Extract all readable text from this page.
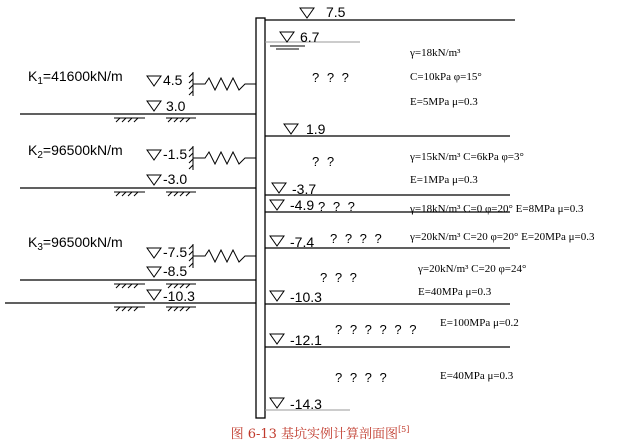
7.5
6.7
1.9
-3.7
-4.9
-7.4
-10.3
-12.1
-14.3
? ? ?
? ?
? ? ?
? ? ? ?
? ? ?
? ? ? ? ? ?
? ? ? ?
γ=18kN/m³
C=10kPa φ=15°
E=5MPa μ=0.3
γ=15kN/m³ C=6kPa φ=3°
E=1MPa μ=0.3
γ=18kN/m³ C=0 φ=20° E=8MPa μ=0.3
γ=20kN/m³ C=20 φ=20° E=20MPa μ=0.3
γ=20kN/m³ C=20 φ=24°
E=40MPa μ=0.3
E=100MPa μ=0.2
E=40MPa μ=0.3
$K_1=41600kN/m$
$K_2=96500kN/m$
$K_3=96500kN/m$
4.5
-1.5
-7.5
3.0
-3.0
-8.5
-10.3
图 6-13 基坑实例计算剖面图[5]
